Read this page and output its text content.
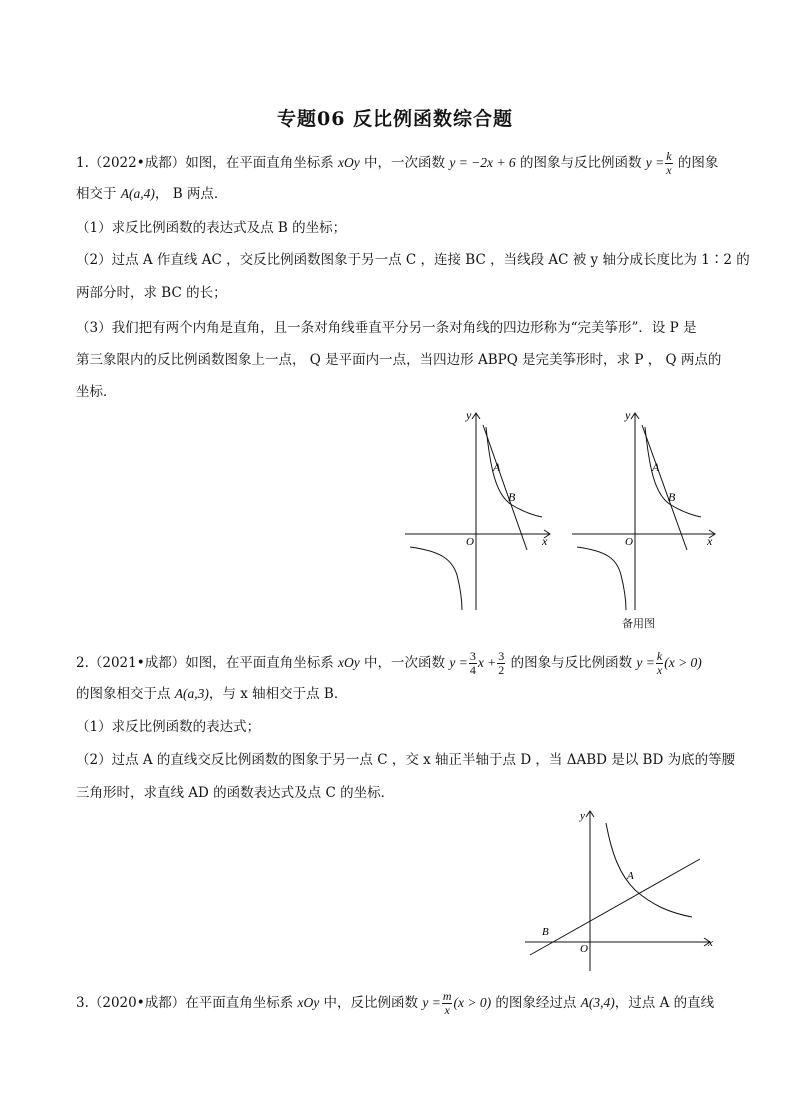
专题06 反比例函数综合题
1.（2022•成都）如图，在平面直角坐标系 xOy 中，一次函数 y = −2x + 6 的图象与反比例函数 $y = \frac{k}{x}$ 的图象
相交于 A(a,4)， B 两点．
（1）求反比例函数的表达式及点 B 的坐标；
（2）过点 A 作直线 AC ，交反比例函数图象于另一点 C ，连接 BC ，当线段 AC 被 y 轴分成长度比为 1∶2 的
两部分时，求 BC 的长；
（3）我们把有两个内角是直角，且一条对角线垂直平分另一条对角线的四边形称为“完美筝形”．设 P 是
第三象限内的反比例函数图象上一点， Q 是平面内一点，当四边形 ABPQ 是完美筝形时，求 P ， Q 两点的
坐标．
y
x
O
A
B
y
x
O
A
B
备用图
2.（2021•成都）如图，在平面直角坐标系 xOy 中，一次函数 $y = \frac{3}{4}$ $x + \frac{3}{2}$ 的图象与反比例函数 $y = \frac{k}{x} (x > 0)$
的图象相交于点 A(a,3)，与 x 轴相交于点 B．
（1）求反比例函数的表达式；
（2）过点 A 的直线交反比例函数的图象于另一点 C ，交 x 轴正半轴于点 D ，当 ΔABD 是以 BD 为底的等腰
三角形时，求直线 AD 的函数表达式及点 C 的坐标．
y
x
O
A
B
3.（2020•成都）在平面直角坐标系 xOy 中，反比例函数 $y = \frac{m}{x} (x > 0)$ 的图象经过点 A(3,4)，过点 A 的直线
